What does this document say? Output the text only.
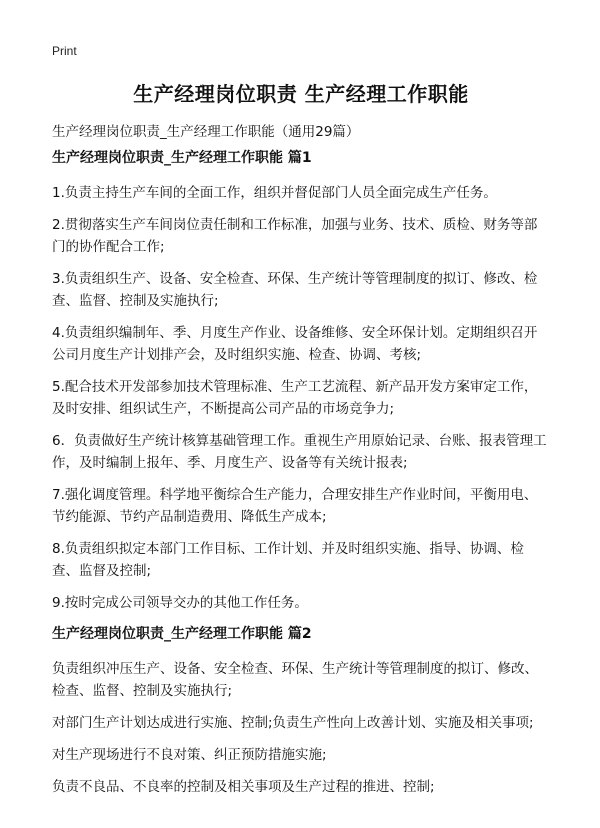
Print
生产经理岗位职责 生产经理工作职能
生产经理岗位职责_生产经理工作职能（通用29篇）
生产经理岗位职责_生产经理工作职能 篇1

1.负责主持生产车间的全面工作，组织并督促部门人员全面完成生产任务。

2.贯彻落实生产车间岗位责任制和工作标准，加强与业务、技术、质检、财务等部门的协作配合工作;

3.负责组织生产、设备、安全检查、环保、生产统计等管理制度的拟订、修改、检查、监督、控制及实施执行;

4.负责组织编制年、季、月度生产作业、设备维修、安全环保计划。定期组织召开公司月度生产计划排产会，及时组织实施、检查、协调、考核;

5.配合技术开发部参加技术管理标准、生产工艺流程、新产品开发方案审定工作，及时安排、组织试生产，不断提高公司产品的市场竞争力;

6．负责做好生产统计核算基础管理工作。重视生产用原始记录、台账、报表管理工作，及时编制上报年、季、月度生产、设备等有关统计报表;

7.强化调度管理。科学地平衡综合生产能力，合理安排生产作业时间，平衡用电、节约能源、节约产品制造费用、降低生产成本;

8.负责组织拟定本部门工作目标、工作计划、并及时组织实施、指导、协调、检查、监督及控制;

9.按时完成公司领导交办的其他工作任务。

生产经理岗位职责_生产经理工作职能 篇2

负责组织冲压生产、设备、安全检查、环保、生产统计等管理制度的拟订、修改、检查、监督、控制及实施执行;

对部门生产计划达成进行实施、控制;负责生产性向上改善计划、实施及相关事项;

对生产现场进行不良对策、纠正预防措施实施;

负责不良品、不良率的控制及相关事项及生产过程的推进、控制;
